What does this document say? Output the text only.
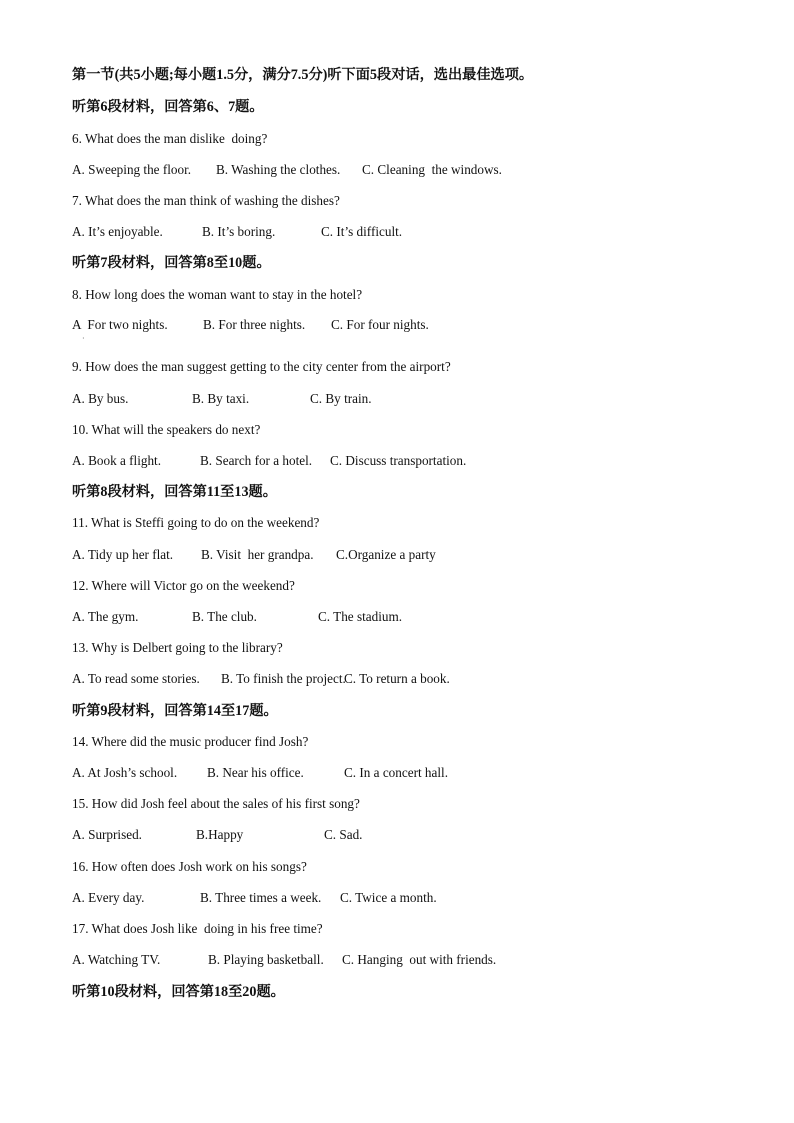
第一节(共5小题;每小题1.5分，满分7.5分)听下面5段对话，选出最佳选项。
听第6段材料，回答第6、7题。
6. What does the man dislike  doing?

A. Sweeping the floor.

B. Washing the clothes.

C. Cleaning  the windows.

7. What does the man think of washing the dishes?

A. It’s enjoyable.

	B. It’s boring.

	C. It’s difficult.

听第7段材料，回答第8至10题。
8. How long does the woman want to stay in the hotel?

A  For two nights.

	B. For three nights.

C. For four nights.

·
9. How does the man suggest getting to the city center from the airport?

A. By bus.

	B. By taxi.

	C. By train.

10. What will the speakers do next?

A. Book a flight.

	B. Search for a hotel.

C. Discuss transportation.

听第8段材料，回答第11至13题。
11. What is Steffi going to do on the weekend?

A. Tidy up her flat.

B. Visit  her grandpa.

C.Organize a party

12. Where will Victor go on the weekend?

A. The gym.

	B. The club.

	C. The stadium.

13. Why is Delbert going to the library?

A. To read some stories.

B. To finish the project.

C. To return a book.

听第9段材料，回答第14至17题。
14. Where did the music producer find Josh?

A. At Josh’s school.

B. Near his office.

	C. In a concert hall.

15. How did Josh feel about the sales of his first song?

A. Surprised.

	B.Happy

	C. Sad.

16. How often does Josh work on his songs?

A. Every day.

	B. Three times a week.

C. Twice a month.

17. What does Josh like  doing in his free time?

A. Watching TV.

	B. Playing basketball.

C. Hanging  out with friends.

听第10段材料，回答第18至20题。
